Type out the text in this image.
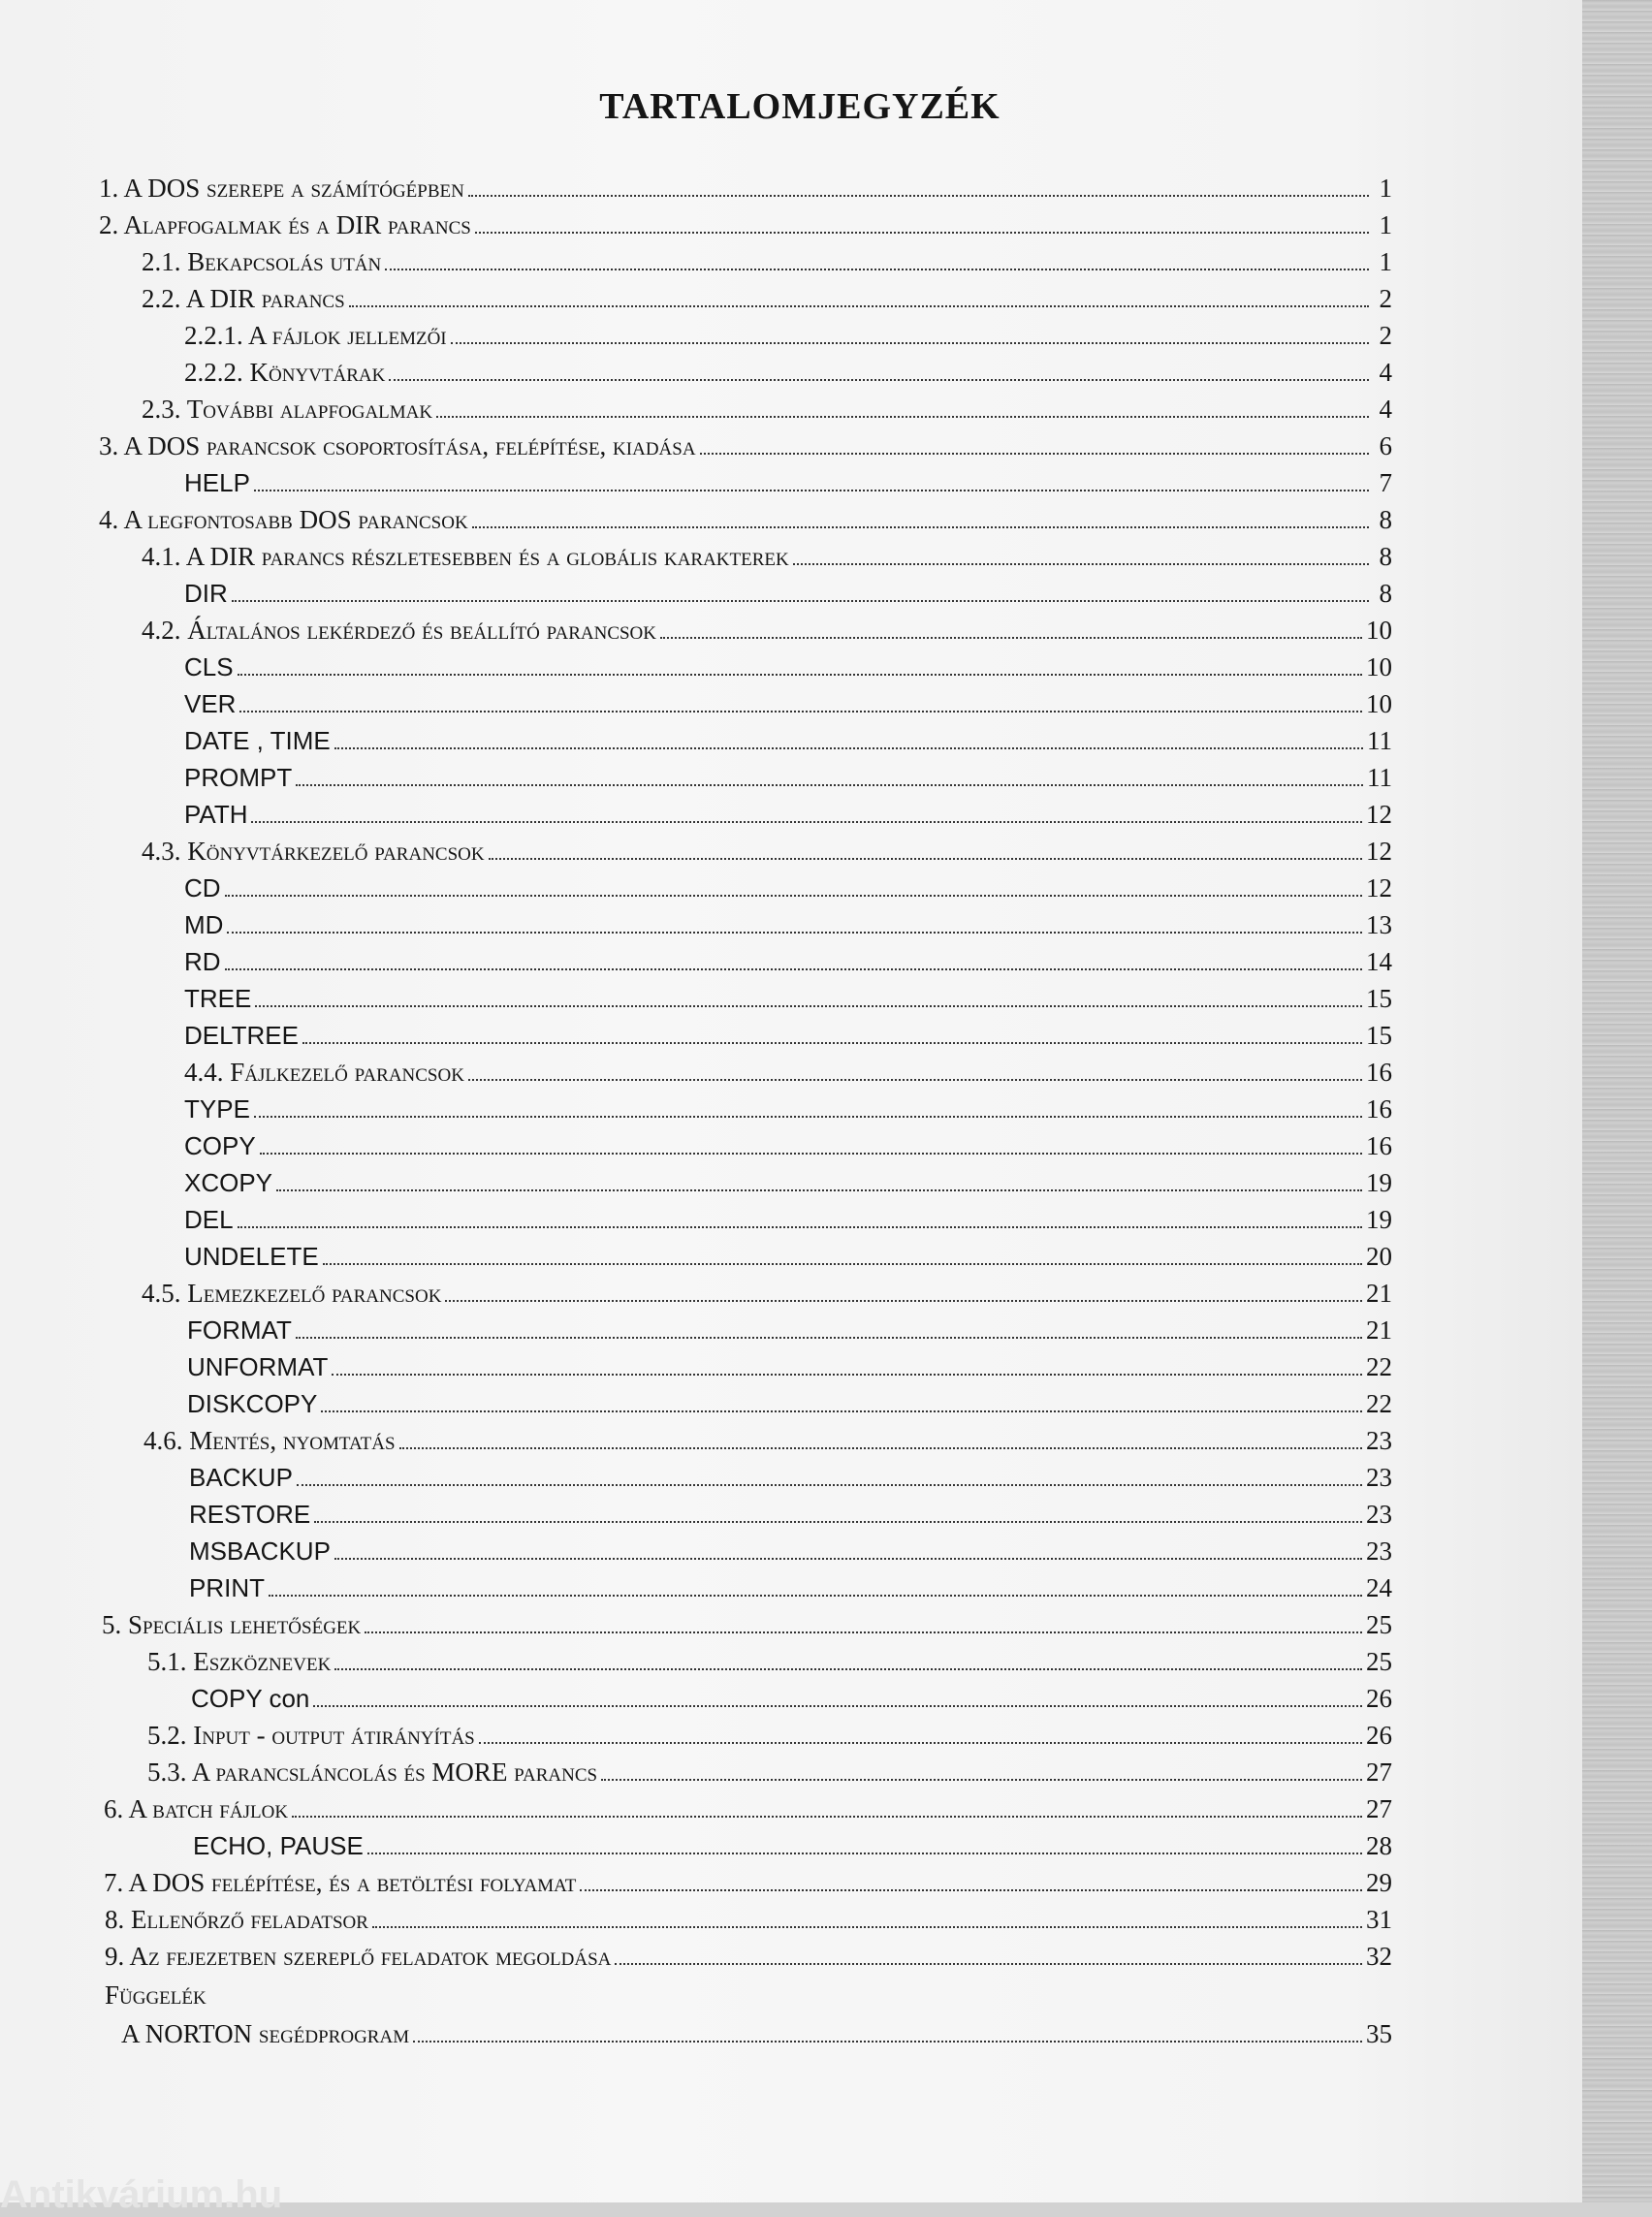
TARTALOMJEGYZÉK
1. A DOS szerepe a számítógépben	1
2. Alapfogalmak és a DIR parancs	1
2.1. Bekapcsolás után	1
2.2. A DIR parancs	2
2.2.1. A fájlok jellemzői	2
2.2.2. Könyvtárak	4
2.3. További alapfogalmak	4
3. A DOS parancsok csoportosítása, felépítése, kiadása	6
HELP	7
4. A legfontosabb DOS parancsok	8
4.1. A DIR parancs részletesebben és a globális karakterek	8
DIR	8
4.2. Általános lekérdező és beállító parancsok	10
CLS	10
VER	10
DATE , TIME	11
PROMPT	11
PATH	12
4.3. Könyvtárkezelő parancsok	12
CD	12
MD	13
RD	14
TREE	15
DELTREE	15
4.4. Fájlkezelő parancsok	16
TYPE	16
COPY	16
XCOPY	19
DEL	19
UNDELETE	20
4.5. Lemezkezelő parancsok	21
FORMAT	21
UNFORMAT	22
DISKCOPY	22
4.6. Mentés, nyomtatás	23
BACKUP	23
RESTORE	23
MSBACKUP	23
PRINT	24
5. Speciális lehetőségek	25
5.1. Eszköznevek	25
COPY con	26
5.2. Input - output átirányítás	26
5.3. A parancsláncolás és MORE parancs	27
6. A batch fájlok	27
ECHO, PAUSE	28
7. A DOS felépítése, és a betöltési folyamat	29
8. Ellenőrző feladatsor	31
9. Az fejezetben szereplő feladatok megoldása	32
Függelék
A NORTON segédprogram	35
Antikvárium.hu
